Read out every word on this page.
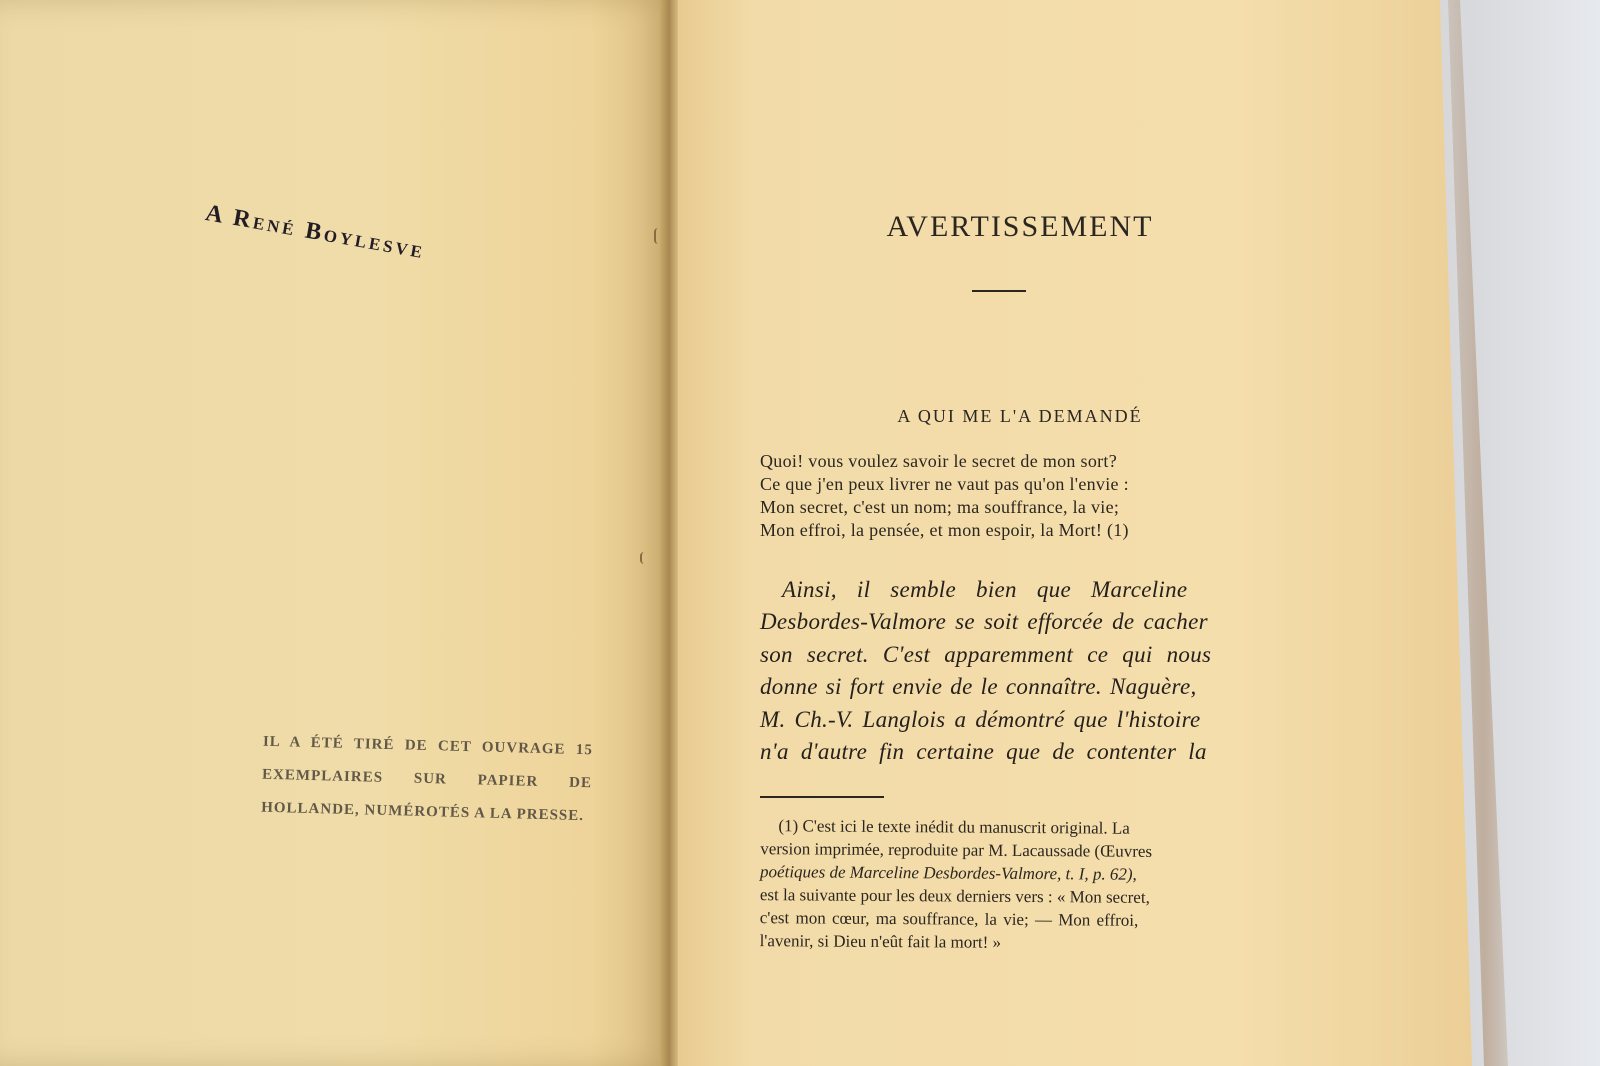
A René Boylesve
IL A ÉTÉ TIRÉ DE CET OUVRAGE 15 EXEMPLAIRES SUR PAPIER DE HOLLANDE, NUMÉROTÉS A LA PRESSE.
AVERTISSEMENT
A QUI ME L'A DEMANDÉ
Quoi! vous voulez savoir le secret de mon sort?
Ce que j'en peux livrer ne vaut pas qu'on l'envie :
Mon secret, c'est un nom; ma souffrance, la vie;
Mon effroi, la pensée, et mon espoir, la Mort! (1)
Ainsi, il semble bien que Marceline
Desbordes-Valmore se soit efforcée de cacher
son secret. C'est apparemment ce qui nous
donne si fort envie de le connaître. Naguère,
M. Ch.-V. Langlois a démontré que l'histoire
n'a d'autre fin certaine que de contenter la
(1) C'est ici le texte inédit du manuscrit original. La
version imprimée, reproduite par M. Lacaussade (Œuvres
poétiques de Marceline Desbordes-Valmore, t. I, p. 62),
est la suivante pour les deux derniers vers : « Mon secret,
c'est mon cœur, ma souffrance, la vie; — Mon effroi,
l'avenir, si Dieu n'eût fait la mort! »
